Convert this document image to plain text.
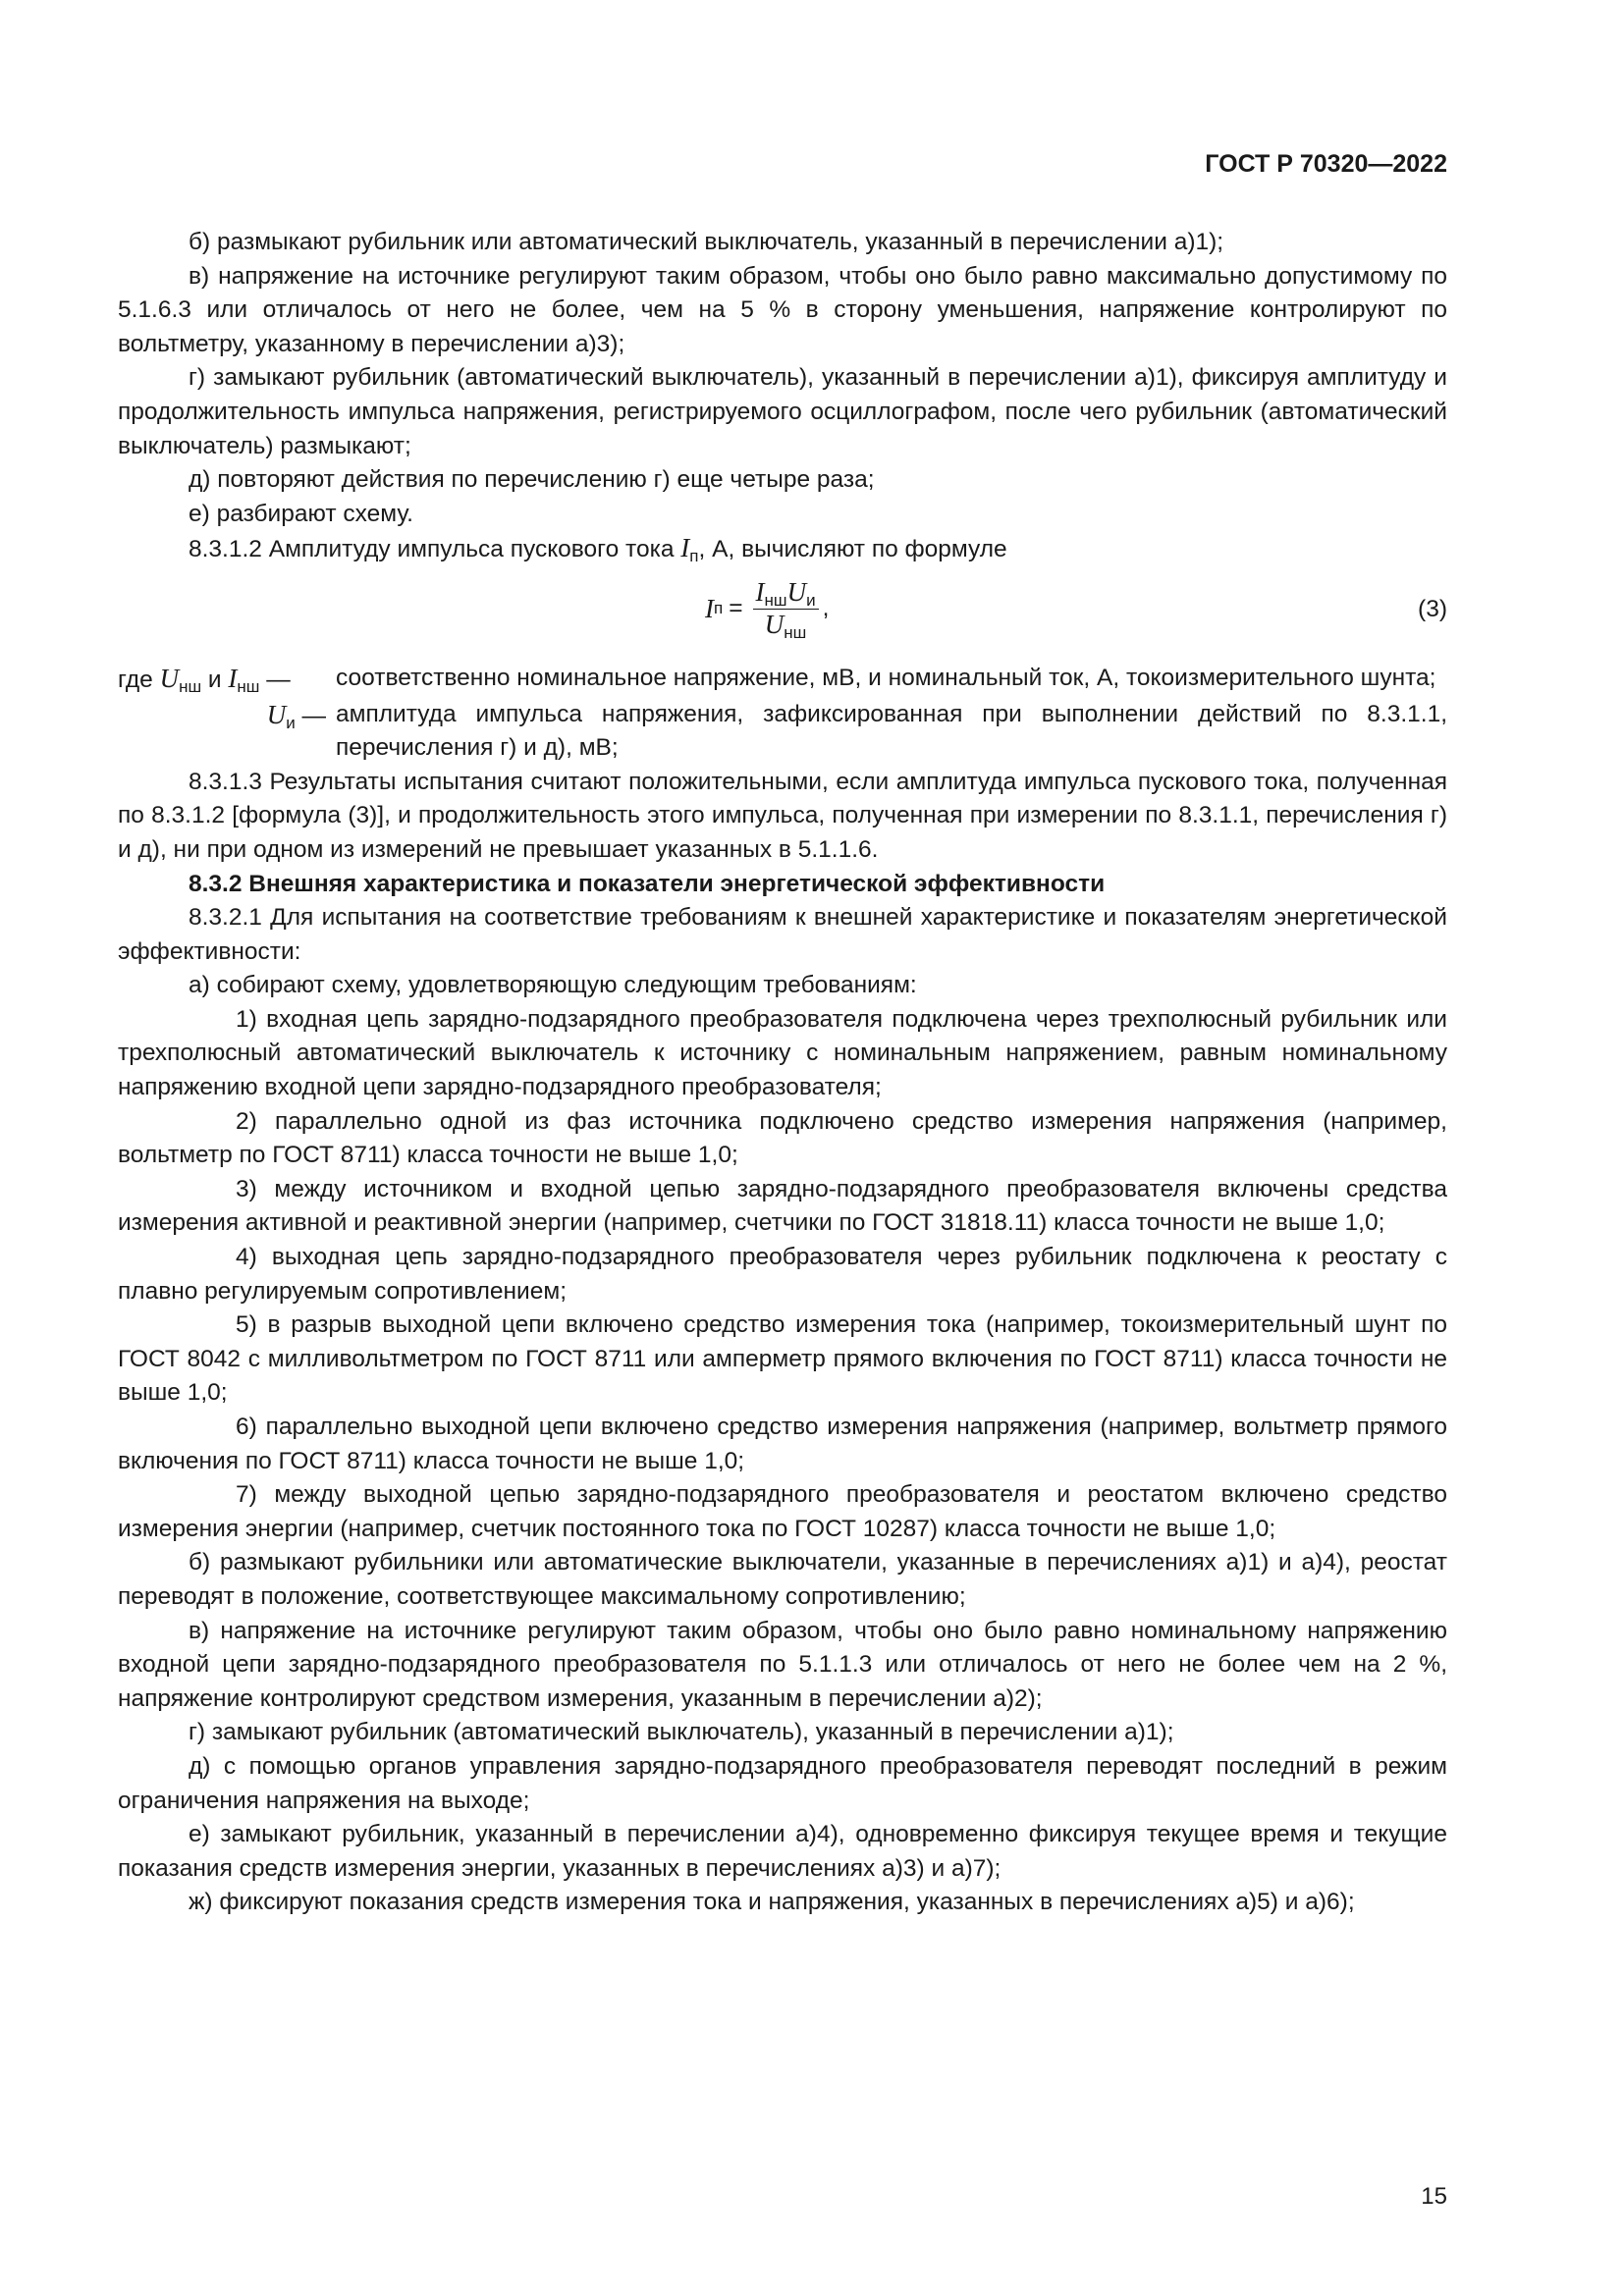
ГОСТ Р 70320—2022

б) размыкают рубильник или автоматический выключатель, указанный в перечислении а)1);

в) напряжение на источнике регулируют таким образом, чтобы оно было равно максимально допустимому по 5.1.6.3 или отличалось от него не более, чем на 5 % в сторону уменьшения, напряжение контролируют по вольтметру, указанному в перечислении а)3);

г) замыкают рубильник (автоматический выключатель), указанный в перечислении а)1), фиксируя амплитуду и продолжительность импульса напряжения, регистрируемого осциллографом, после чего рубильник (автоматический выключатель) размыкают;

д) повторяют действия по перечислению г) еще четыре раза;

е) разбирают схему.

8.3.1.2 Амплитуду импульса пускового тока $I_п$, А, вычисляют по формуле

I $п = \frac{I_{нш}U_и}{U_{нш}}$ ,	(3)
где $U_{нш}$ и $I_{нш}$ —	соответственно номинальное напряжение, мВ, и номинальный ток, А, токоизмерительного шунта;
$U_и$ — амплитуда импульса напряжения, зафиксированная при выполнении действий по 8.3.1.1, перечисления г) и д), мВ;

8.3.1.3 Результаты испытания считают положительными, если амплитуда импульса пускового тока, полученная по 8.3.1.2 [формула (3)], и продолжительность этого импульса, полученная при измерении по 8.3.1.1, перечисления г) и д), ни при одном из измерений не превышает указанных в 5.1.1.6.

8.3.2 Внешняя характеристика и показатели энергетической эффективности

8.3.2.1 Для испытания на соответствие требованиям к внешней характеристике и показателям энергетической эффективности:

а) собирают схему, удовлетворяющую следующим требованиям:

1) входная цепь зарядно-подзарядного преобразователя подключена через трехполюсный рубильник или трехполюсный автоматический выключатель к источнику с номинальным напряжением, равным номинальному напряжению входной цепи зарядно-подзарядного преобразователя;

2) параллельно одной из фаз источника подключено средство измерения напряжения (например, вольтметр по ГОСТ 8711) класса точности не выше 1,0;

3) между источником и входной цепью зарядно-подзарядного преобразователя включены средства измерения активной и реактивной энергии (например, счетчики по ГОСТ 31818.11) класса точности не выше 1,0;

4) выходная цепь зарядно-подзарядного преобразователя через рубильник подключена к реостату с плавно регулируемым сопротивлением;

5) в разрыв выходной цепи включено средство измерения тока (например, токоизмерительный шунт по ГОСТ 8042 с милливольтметром по ГОСТ 8711 или амперметр прямого включения по ГОСТ 8711) класса точности не выше 1,0;

6) параллельно выходной цепи включено средство измерения напряжения (например, вольтметр прямого включения по ГОСТ 8711) класса точности не выше 1,0;

7) между выходной цепью зарядно-подзарядного преобразователя и реостатом включено средство измерения энергии (например, счетчик постоянного тока по ГОСТ 10287) класса точности не выше 1,0;

б) размыкают рубильники или автоматические выключатели, указанные в перечислениях а)1) и а)4), реостат переводят в положение, соответствующее максимальному сопротивлению;

в) напряжение на источнике регулируют таким образом, чтобы оно было равно номинальному напряжению входной цепи зарядно-подзарядного преобразователя по 5.1.1.3 или отличалось от него не более чем на 2 %, напряжение контролируют средством измерения, указанным в перечислении а)2);

г) замыкают рубильник (автоматический выключатель), указанный в перечислении а)1);

д) с помощью органов управления зарядно-подзарядного преобразователя переводят последний в режим ограничения напряжения на выходе;

е) замыкают рубильник, указанный в перечислении а)4), одновременно фиксируя текущее время и текущие показания средств измерения энергии, указанных в перечислениях а)3) и а)7);

ж) фиксируют показания средств измерения тока и напряжения, указанных в перечислениях а)5) и а)6);

15
